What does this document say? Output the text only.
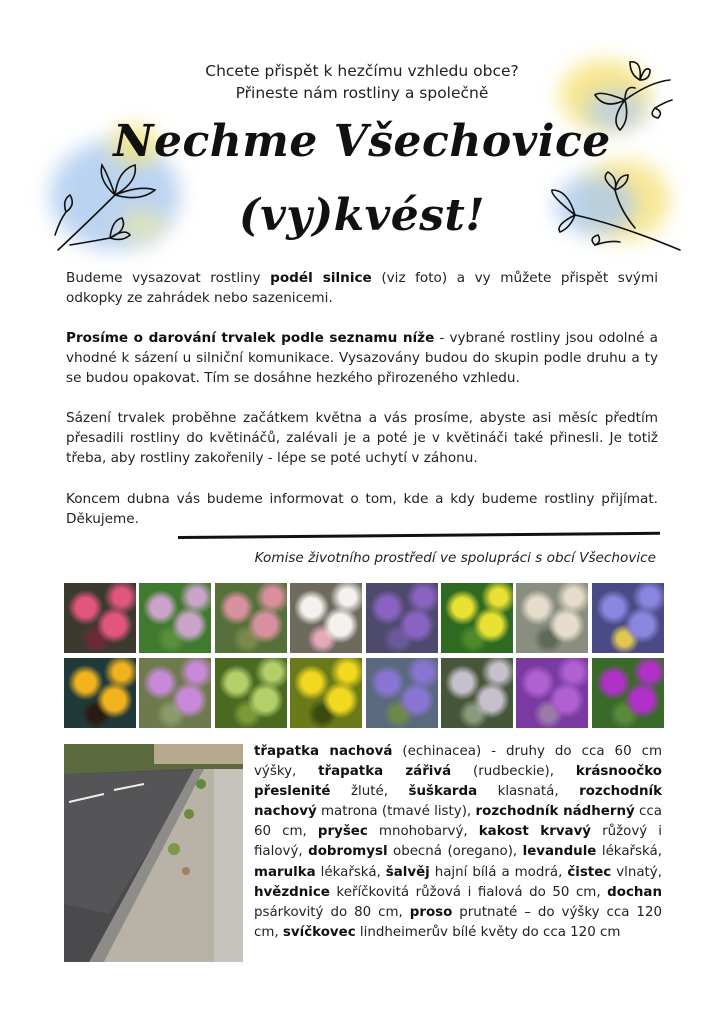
Chcete přispět k hezčímu vzhledu obce?
Přineste nám rostliny a společně
Nechme Všechovice
(vy)kvést!
Budeme vysazovat rostliny podél silnice (viz foto) a vy můžete přispět svými odkopky ze zahrádek nebo sazenicemi.
Prosíme o darování trvalek podle seznamu níže - vybrané rostliny jsou odolné a vhodné k sázení u silniční komunikace. Vysazovány budou do skupin podle druhu a ty se budou opakovat. Tím se dosáhne hezkého přirozeného vzhledu.
Sázení trvalek proběhne začátkem května a vás prosíme, abyste asi měsíc předtím přesadili rostliny do květináčů, zalévali je a poté je v květináči také přinesli. Je totiž třeba, aby rostliny zakořenily - lépe se poté uchytí v záhonu.
Koncem dubna vás budeme informovat o tom, kde a kdy budeme rostliny přijímat. Děkujeme.
Komise životního prostředí ve spolupráci s obcí Všechovice
třapatka nachová (echinacea) - druhy do cca 60 cm výšky, třapatka zářivá (rudbeckie), krásnoočko přeslenité žluté, šuškarda klasnatá, rozchodník nachový matrona (tmavé listy), rozchodník nádherný cca 60 cm, pryšec mnohobarvý, kakost krvavý růžový i fialový, dobromysl obecná (oregano), levandule lékařská, marulka lékařská, šalvěj hajní bílá a modrá, čistec vlnatý, hvězdnice keříčkovitá růžová i fialová do 50 cm, dochan psárkovitý do 80 cm, proso prutnaté – do výšky cca 120 cm, svíčkovec lindheimerův bílé květy do cca 120 cm
